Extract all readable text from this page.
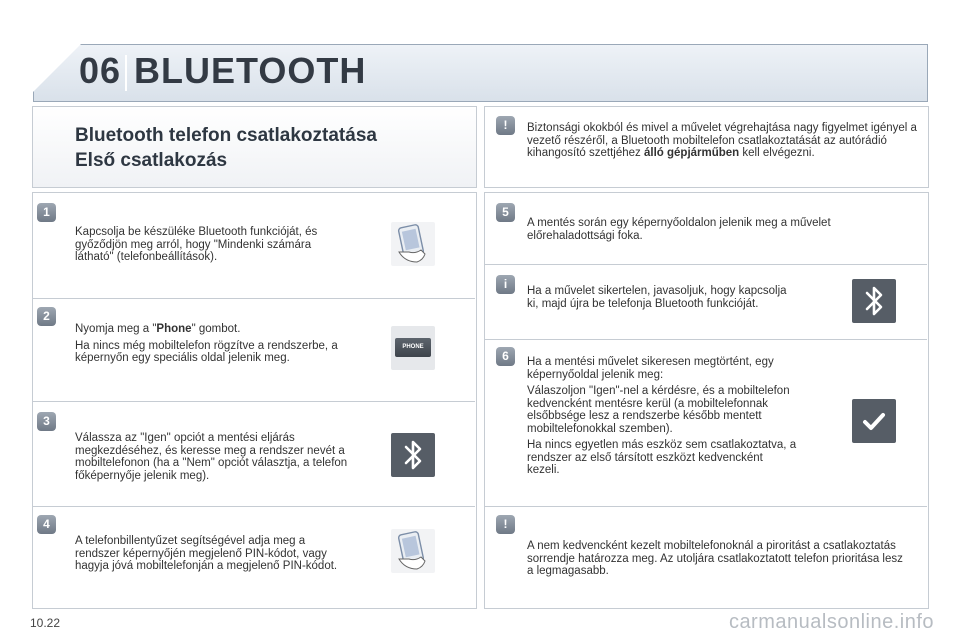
06 BLUETOOTH
Bluetooth telefon csatlakoztatása
Első csatlakozás
!	Biztonsági okokból és mivel a művelet végrehajtása nagy figyelmet igényel a vezető részéről, a Bluetooth mobiltelefon csatlakoztatását az autórádió kihangosító szettjéhez álló gépjárműben kell elvégezni.
1

Kapcsolja be készüléke Bluetooth funkcióját, és győződjön meg arról, hogy "Mindenki számára látható" (telefonbeállítások).

2

Nyomja meg a "Phone" gombot.

Ha nincs még mobiltelefon rögzítve a rendszerbe, a képernyőn egy speciális oldal jelenik meg.

PHONE
3

Válassza az "Igen" opciót a mentési eljárás megkezdéséhez, és keresse meg a rendszer nevét a mobiltelefonon (ha a "Nem" opciót választja, a telefon főképernyője jelenik meg).

4

A telefonbillentyűzet segítségével adja meg a rendszer képernyőjén megjelenő PIN-kódot, vagy hagyja jóvá mobiltelefonján a megjelenő PIN-kódot.

5

A mentés során egy képernyőoldalon jelenik meg a művelet előrehaladottsági foka.

i	Ha a művelet sikertelen, javasoljuk, hogy kapcsolja ki, majd újra be telefonja Bluetooth funkcióját.

6	Ha a mentési művelet sikeresen megtörtént, egy képernyőoldal jelenik meg:

Válaszoljon "Igen"-nel a kérdésre, és a mobiltelefon kedvencként mentésre kerül (a mobiltelefonnak elsőbbsége lesz a rendszerbe később mentett mobiltelefonokkal szemben).

Ha nincs egyetlen más eszköz sem csatlakoztatva, a rendszer az első társított eszközt kedvencként kezeli.

!

A nem kedvencként kezelt mobiltelefonoknál a piroritást a csatlakoztatás sorrendje határozza meg. Az utoljára csatlakoztatott telefon prioritása lesz a legmagasabb.

10.22	carmanualsonline.info
